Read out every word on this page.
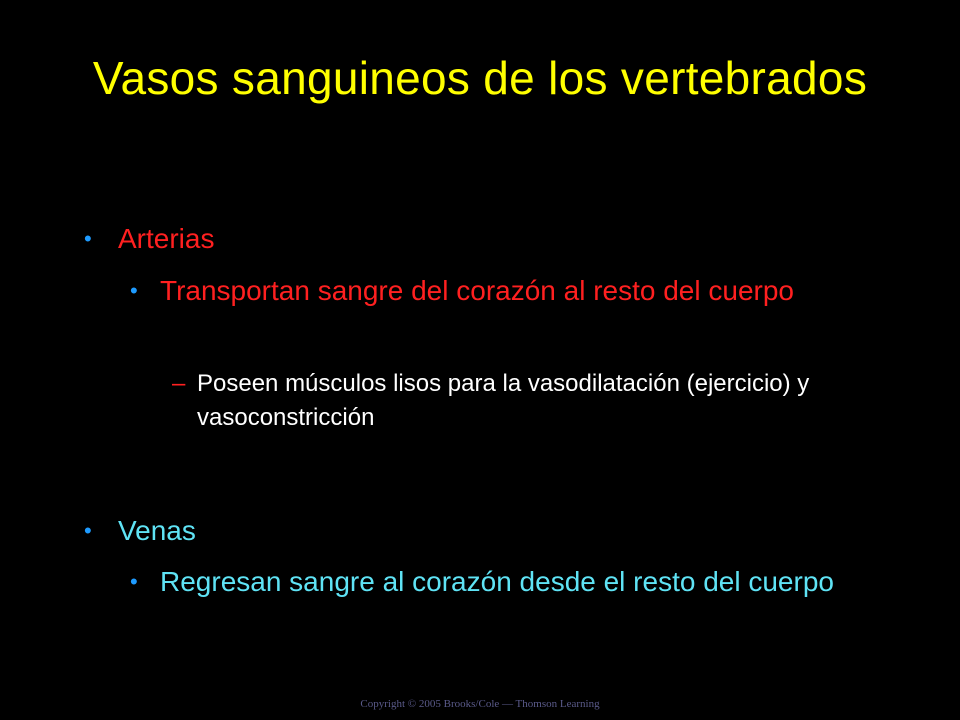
Vasos sanguineos de los vertebrados
• Arterias
• Transportan sangre del corazón al resto del cuerpo
– Poseen músculos lisos para la vasodilatación (ejercicio) y vasoconstricción
• Venas
• Regresan sangre al corazón desde el resto del cuerpo
Copyright © 2005 Brooks/Cole — Thomson Learning
